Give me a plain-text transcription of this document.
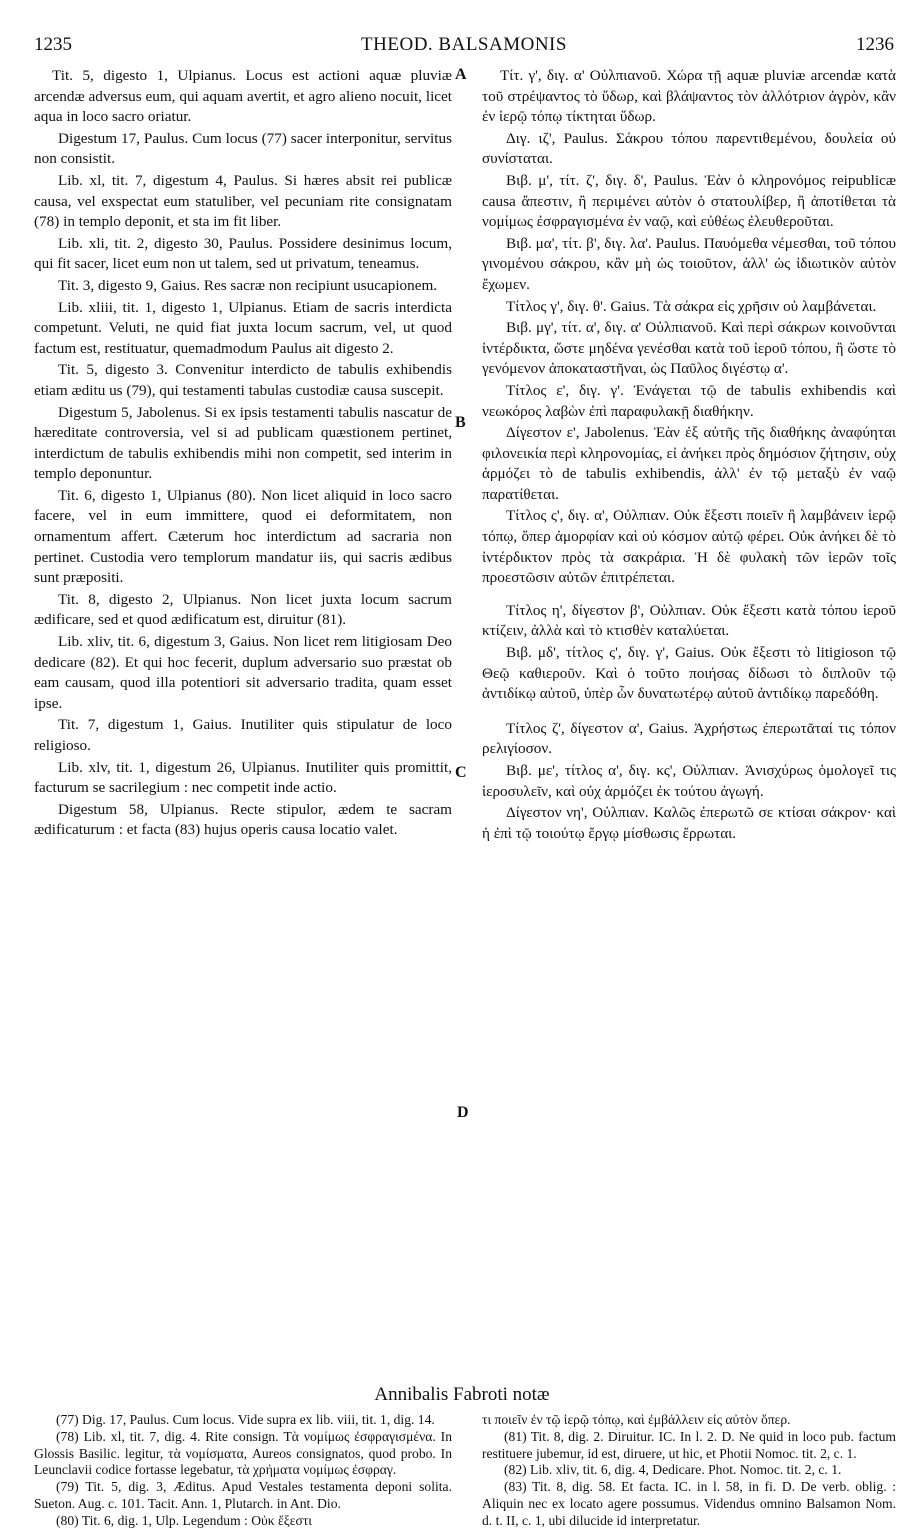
1235	THEOD. BALSAMONIS	1236

Tit. 5, digesto 1, Ulpianus. Locus est actioni aquæ pluviæ arcendæ adversus eum, qui aquam avertit, et agro alieno nocuit, licet aqua in loco sacro oriatur.

Digestum 17, Paulus. Cum locus (77) sacer interponitur, servitus non consistit.

Lib. xl, tit. 7, digestum 4, Paulus. Si hæres absit rei publicæ causa, vel exspectat eum statuliber, vel pecuniam rite consignatam (78) in templo deponit, et sta im fit liber.

Lib. xli, tit. 2, digesto 30, Paulus. Possidere desinimus locum, qui fit sacer, licet eum non ut talem, sed ut privatum, teneamus.

Tit. 3, digesto 9, Gaius. Res sacræ non recipiunt usucapionem.

Lib. xliii, tit. 1, digesto 1, Ulpianus. Etiam de sacris interdicta competunt. Veluti, ne quid fiat juxta locum sacrum, vel, ut quod factum est, restituatur, quemadmodum Paulus ait digesto 2.

Tit. 5, digesto 3. Convenitur interdicto de tabulis exhibendis etiam æditu us (79), qui testamenti tabulas custodiæ causa suscepit.

Digestum 5, Jabolenus. Si ex ipsis testamenti tabulis nascatur de hæreditate controversia, vel si ad publicam quæstionem pertinet, interdictum de tabulis exhibendis mihi non competit, sed interim in templo deponuntur.

Tit. 6, digesto 1, Ulpianus (80). Non licet aliquid in loco sacro facere, vel in eum immittere, quod ei deformitatem, non ornamentum affert. Cæterum hoc interdictum ad sacraria non pertinet. Custodia vero templorum mandatur iis, qui sacris ædibus sunt præpositi.

Tit. 8, digesto 2, Ulpianus. Non licet juxta locum sacrum ædificare, sed et quod ædificatum est, diruitur (81).

Lib. xliv, tit. 6, digestum 3, Gaius. Non licet rem litigiosam Deo dedicare (82). Et qui hoc fecerit, duplum adversario suo præstat ob eam causam, quod illa potentiori sit adversario tradita, quam esset ipse.

Tit. 7, digestum 1, Gaius. Inutiliter quis stipulatur de loco religioso.

Lib. xlv, tit. 1, digestum 26, Ulpianus. Inutiliter quis promittit, facturum se sacrilegium : nec competit inde actio.

Digestum 58, Ulpianus. Recte stipulor, ædem te sacram ædificaturum : et facta (83) hujus operis causa locatio valet.

A
B
C
D

Τίτ. γ', διγ. α' Οὐλπιανοῦ. Χώρα τῇ aquæ pluviæ arcendæ κατὰ τοῦ στρέψαντος τὸ ὕδωρ, καὶ βλάψαντος τὸν ἀλλότριον ἀγρὸν, κἂν ἐν ἱερῷ τόπῳ τίκτηται ὕδωρ.

Διγ. ιζ', Paulus. Σάκρου τόπου παρεντιθεμένου, δουλεία οὐ συνίσταται.

Βιβ. μ', τίτ. ζ', διγ. δ', Paulus. Ἐὰν ὁ κληρονόμος reipublicæ causa ἄπεστιν, ἢ περιμένει αὐτὸν ὁ στατουλίβερ, ἢ ἀποτίθεται τὰ νομίμως ἐσφραγισμένα ἐν ναῷ, καὶ εὐθέως ἐλευθεροῦται.

Βιβ. μα', τίτ. β', διγ. λα'. Paulus. Παυόμεθα νέμεσθαι, τοῦ τόπου γινομένου σάκρου, κἂν μὴ ὡς τοιοῦτον, ἀλλ' ὡς ἰδιωτικὸν αὐτὸν ἔχωμεν.

Τίτλος γ', διγ. θ'. Gaius. Τὰ σάκρα εἰς χρῆσιν οὐ λαμβάνεται.

Βιβ. μγ', τίτ. α', διγ. α' Οὐλπιανοῦ. Καὶ περὶ σάκρων κοινοῦνται ἰντέρδικτα, ὥστε μηδένα γενέσθαι κατὰ τοῦ ἱεροῦ τόπου, ἢ ὥστε τὸ γενόμενον ἀποκαταστῆναι, ὡς Παῦλος διγέστῳ α'.

Τίτλος ε', διγ. γ'. Ἐνάγεται τῷ de tabulis exhibendis καὶ νεωκόρος λαβὼν ἐπὶ παραφυλακῇ διαθήκην.

Δίγεστον ε', Jabolenus. Ἐὰν ἐξ αὐτῆς τῆς διαθήκης ἀναφύηται φιλονεικία περὶ κληρονομίας, εἰ ἀνήκει πρὸς δημόσιον ζήτησιν, οὐχ ἁρμόζει τὸ de tabulis exhibendis, ἀλλ' ἐν τῷ μεταξὺ ἐν ναῷ παρατίθεται.

Τίτλος ς', διγ. α', Οὐλπιαν. Οὐκ ἔξεστι ποιεῖν ἢ λαμβάνειν ἱερῷ τόπῳ, ὅπερ ἀμορφίαν καὶ οὐ κόσμον αὐτῷ φέρει. Οὐκ ἀνήκει δὲ τὸ ἰντέρδικτον πρὸς τὰ σακράρια. Ἡ δὲ φυλακὴ τῶν ἱερῶν τοῖς προεστῶσιν αὐτῶν ἐπιτρέπεται.

Τίτλος η', δίγεστον β', Οὐλπιαν. Οὐκ ἔξεστι κατὰ τόπου ἱεροῦ κτίζειν, ἀλλὰ καὶ τὸ κτισθὲν καταλύεται.

Βιβ. μδ', τίτλος ς', διγ. γ', Gaius. Οὐκ ἔξεστι τὸ litigioson τῷ Θεῷ καθιεροῦν. Καὶ ὁ τοῦτο ποιήσας δίδωσι τὸ διπλοῦν τῷ ἀντιδίκῳ αὐτοῦ, ὑπὲρ ὧν δυνατωτέρῳ αὐτοῦ ἀντιδίκῳ παρεδόθη.

Τίτλος ζ', δίγεστον α', Gaius. Ἀχρήστως ἐπερωτᾶταί τις τόπον ρελιγίοσον.

Βιβ. με', τίτλος α', διγ. κς', Οὐλπιαν. Ἀνισχύρως ὁμολογεῖ τις ἱεροσυλεῖν, καὶ οὐχ ἁρμόζει ἐκ τούτου ἀγωγή.

Δίγεστον νη', Οὐλπιαν. Καλῶς ἐπερωτῶ σε κτίσαι σάκρον· καὶ ἡ ἐπὶ τῷ τοιούτῳ ἔργῳ μίσθωσις ἔρρωται.

Annibalis Fabroti notæ

(77) Dig. 17, Paulus. Cum locus. Vide supra ex lib. viii, tit. 1, dig. 14.

(78) Lib. xl, tit. 7, dig. 4. Rite consign. Τὰ νομίμως ἐσφραγισμένα. In Glossis Basilic. legitur, τὰ νομίσματα, Aureos consignatos, quod probo. In Leunclavii codice fortasse legebatur, τὰ χρήματα νομίμως ἐσφραγ.

(79) Tit. 5, dig. 3, Æditus. Apud Vestales testamenta deponi solita. Sueton. Aug. c. 101. Tacit. Ann. 1, Plutarch. in Ant. Dio.

(80) Tit. 6, dig. 1, Ulp. Legendum : Οὐκ ἔξεστι

τι ποιεῖν ἐν τῷ ἱερῷ τόπῳ, καὶ ἐμβάλλειν εἰς αὐτὸν ὅπερ.

(81) Tit. 8, dig. 2. Diruitur. IC. In l. 2. D. Ne quid in loco pub. factum restituere jubemur, id est, diruere, ut hic, et Photii Nomoc. tit. 2, c. 1.

(82) Lib. xliv, tit. 6, dig. 4, Dedicare. Phot. Nomoc. tit. 2, c. 1.

(83) Tit. 8, dig. 58. Et facta. IC. in l. 58, in fi. D. De verb. oblig. : Aliquin nec ex locato agere possumus. Videndus omnino Balsamon Nom. d. t. II, c. 1, ubi dilucide id interpretatur.
